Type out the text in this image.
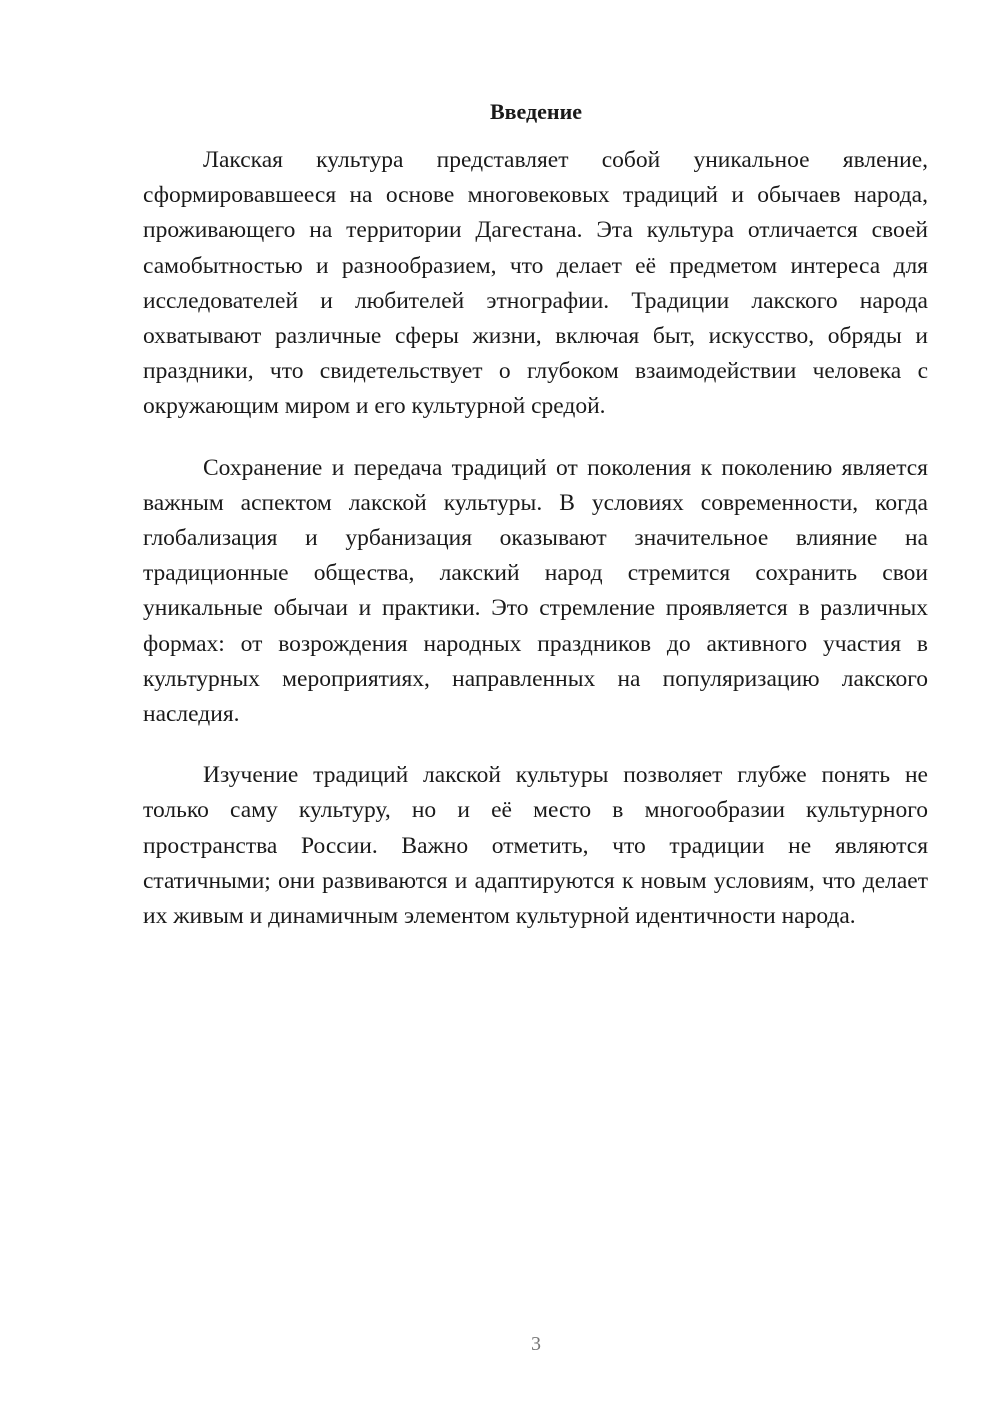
Введение

Лакская культура представляет собой уникальное явление, сформировавшееся на основе многовековых традиций и обычаев народа, проживающего на территории Дагестана. Эта культура отличается своей самобытностью и разнообразием, что делает её предметом интереса для исследователей и любителей этнографии. Традиции лакского народа охватывают различные сферы жизни, включая быт, искусство, обряды и праздники, что свидетельствует о глубоком взаимодействии человека с окружающим миром и его культурной средой.

Сохранение и передача традиций от поколения к поколению является важным аспектом лакской культуры. В условиях современности, когда глобализация и урбанизация оказывают значительное влияние на традиционные общества, лакский народ стремится сохранить свои уникальные обычаи и практики. Это стремление проявляется в различных формах: от возрождения народных праздников до активного участия в культурных мероприятиях, направленных на популяризацию лакского наследия.

Изучение традиций лакской культуры позволяет глубже понять не только саму культуру, но и её место в многообразии культурного пространства России. Важно отметить, что традиции не являются статичными; они развиваются и адаптируются к новым условиям, что делает их живым и динамичным элементом культурной идентичности народа.

3
